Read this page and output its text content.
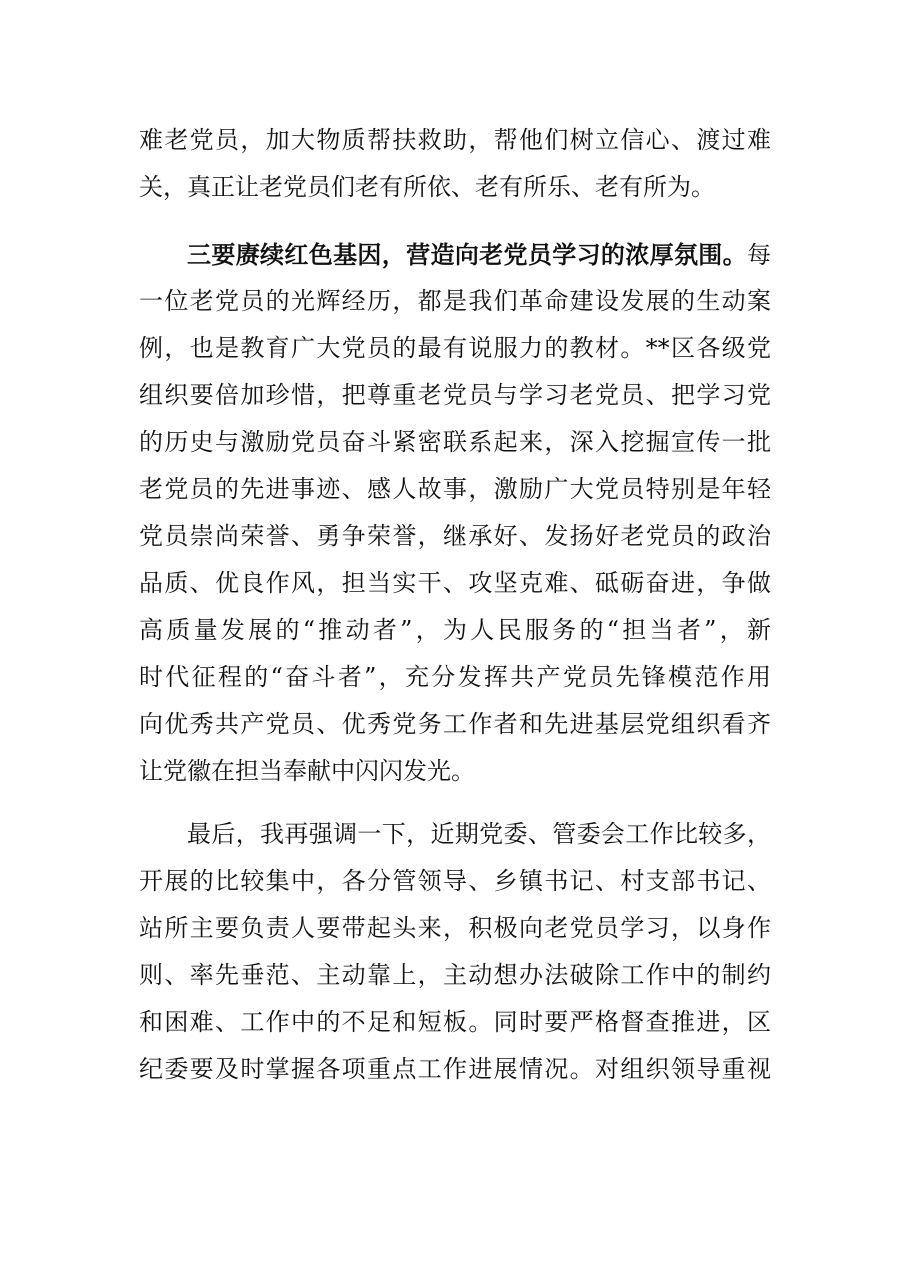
难老党员，加大物质帮扶救助，帮他们树立信心、渡过难
关，真正让老党员们老有所依、老有所乐、老有所为。
三要赓续红色基因，营造向老党员学习的浓厚氛围。每
一位老党员的光辉经历，都是我们革命建设发展的生动案
例，也是教育广大党员的最有说服力的教材。**区各级党
组织要倍加珍惜，把尊重老党员与学习老党员、把学习党
的历史与激励党员奋斗紧密联系起来，深入挖掘宣传一批
老党员的先进事迹、感人故事，激励广大党员特别是年轻
党员崇尚荣誉、勇争荣誉，继承好、发扬好老党员的政治
品质、优良作风，担当实干、攻坚克难、砥砺奋进，争做
高质量发展的“推动者”，为人民服务的“担当者”，新
时代征程的“奋斗者”，充分发挥共产党员先锋模范作用
向优秀共产党员、优秀党务工作者和先进基层党组织看齐
让党徽在担当奉献中闪闪发光。
最后，我再强调一下，近期党委、管委会工作比较多，
开展的比较集中，各分管领导、乡镇书记、村支部书记、
站所主要负责人要带起头来，积极向老党员学习，以身作
则、率先垂范、主动靠上，主动想办法破除工作中的制约
和困难、工作中的不足和短板。同时要严格督查推进，区
纪委要及时掌握各项重点工作进展情况。对组织领导重视
